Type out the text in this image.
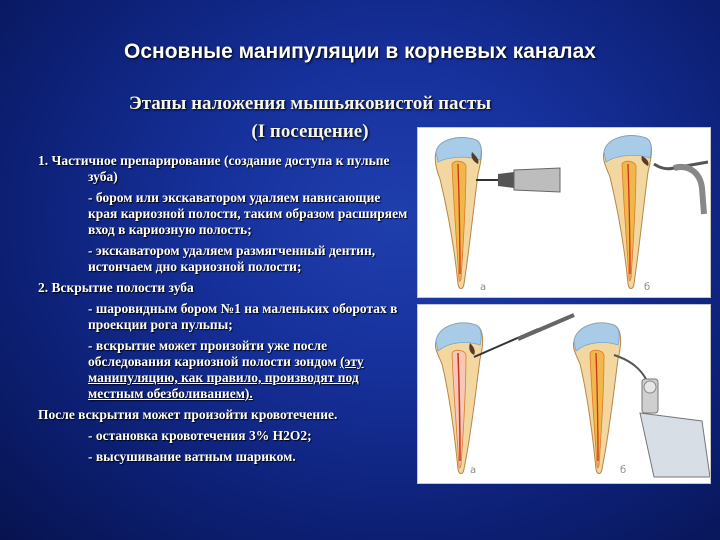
Основные манипуляции в корневых каналах
Этапы наложения мышьяковистой пасты
(I посещение)

1. Частичное препарирование (создание доступа к пульпе зуба)

- бором или экскаватором удаляем нависающие края кариозной полости, таким образом расширяем вход в кариозную полость;

- экскаватором удаляем размягченный дентин, истончаем дно кариозной полости;

2. Вскрытие полости зуба

- шаровидным бором №1 на маленьких оборотах в проекции рога пульпы;

- вскрытие может произойти уже после обследования кариозной полости зондом (эту манипуляцию, как правило, производят под местным обезболиванием).

После вскрытия может произойти кровотечение.

- остановка кровотечения 3% Н2О2;

- высушивание ватным шариком.

а	б
а	б
